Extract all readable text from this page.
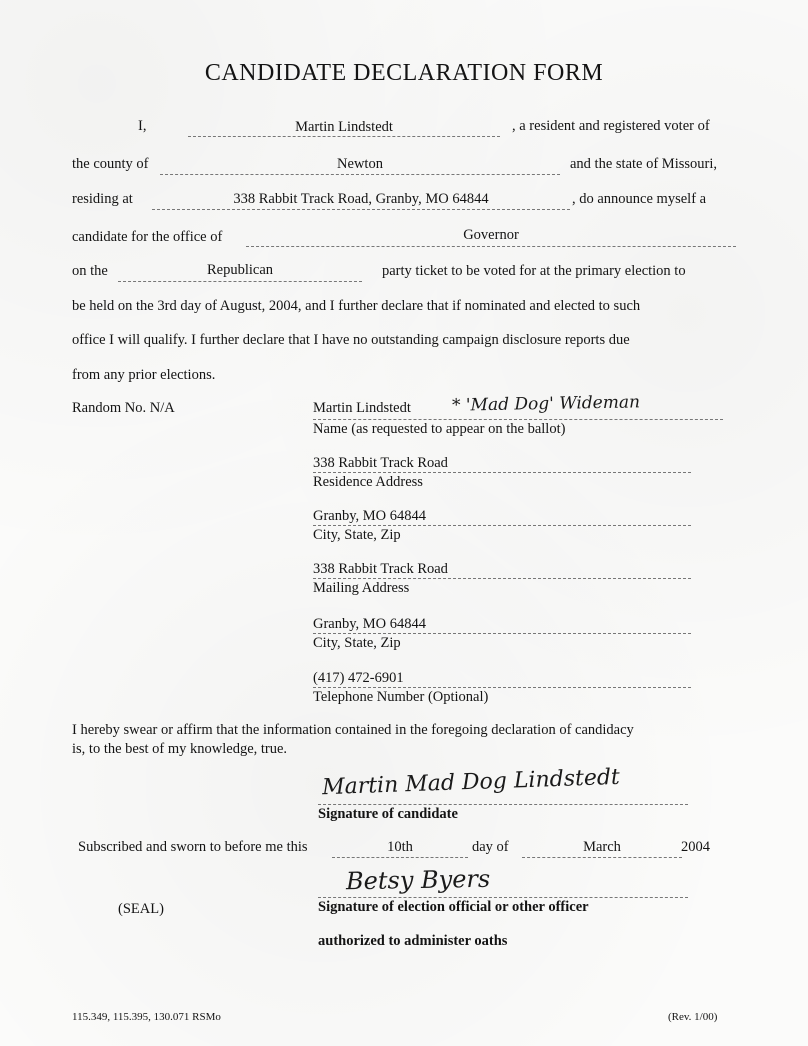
CANDIDATE DECLARATION FORM
I,	Martin Lindstedt	, a resident and registered voter of
the county of	Newton	and the state of Missouri,
residing at	338 Rabbit Track Road, Granby, MO 64844	, do announce myself a
candidate for the office of	Governor
on the	Republican	party ticket to be voted for at the primary election to
be held on the 3rd day of August, 2004, and I further declare that if nominated and elected to such
office I will qualify. I further declare that I have no outstanding campaign disclosure reports due
from any prior elections.
Random No. N/A	Martin Lindstedt * 'Mad Dog' Wideman
Name (as requested to appear on the ballot)
338 Rabbit Track Road
Residence Address
Granby, MO 64844
City, State, Zip
338 Rabbit Track Road
Mailing Address
Granby, MO 64844
City, State, Zip
(417) 472-6901
Telephone Number (Optional)
I hereby swear or affirm that the information contained in the foregoing declaration of candidacy
is, to the best of my knowledge, true.
Martin Mad Dog Lindstedt
Signature of candidate
Subscribed and sworn to before me this	10th	day of	March	2004
(SEAL)
Betsy Byers
Signature of election official or other officer
authorized to administer oaths
115.349, 115.395, 130.071 RSMo	(Rev. 1/00)
